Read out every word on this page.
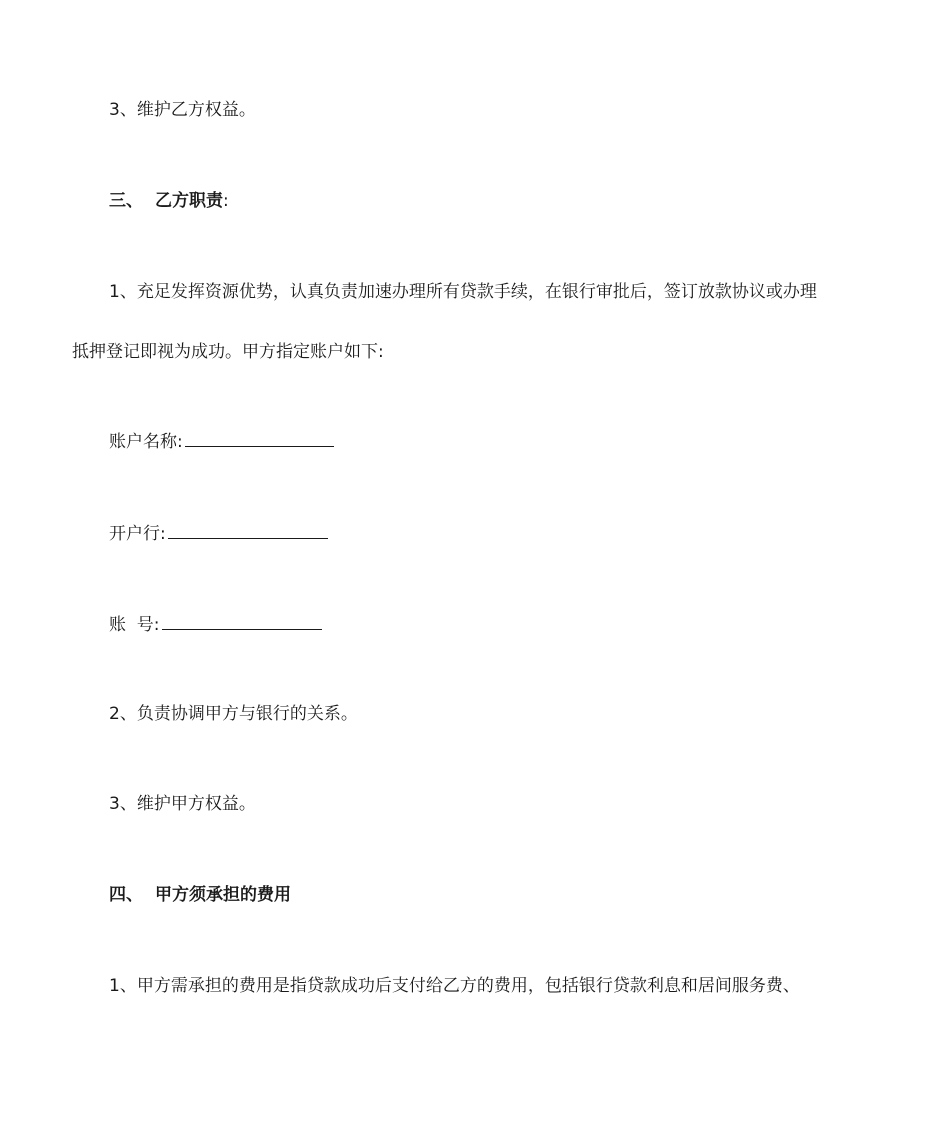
3、维护乙方权益。
三、 乙方职责:
1、充足发挥资源优势，认真负责加速办理所有贷款手续，在银行审批后，签订放款协议或办理
抵押登记即视为成功。甲方指定账户如下:
账户名称:
开户行:
账  号:
2、负责协调甲方与银行的关系。
3、维护甲方权益。
四、 甲方须承担的费用
1、甲方需承担的费用是指贷款成功后支付给乙方的费用，包括银行贷款利息和居间服务费、
